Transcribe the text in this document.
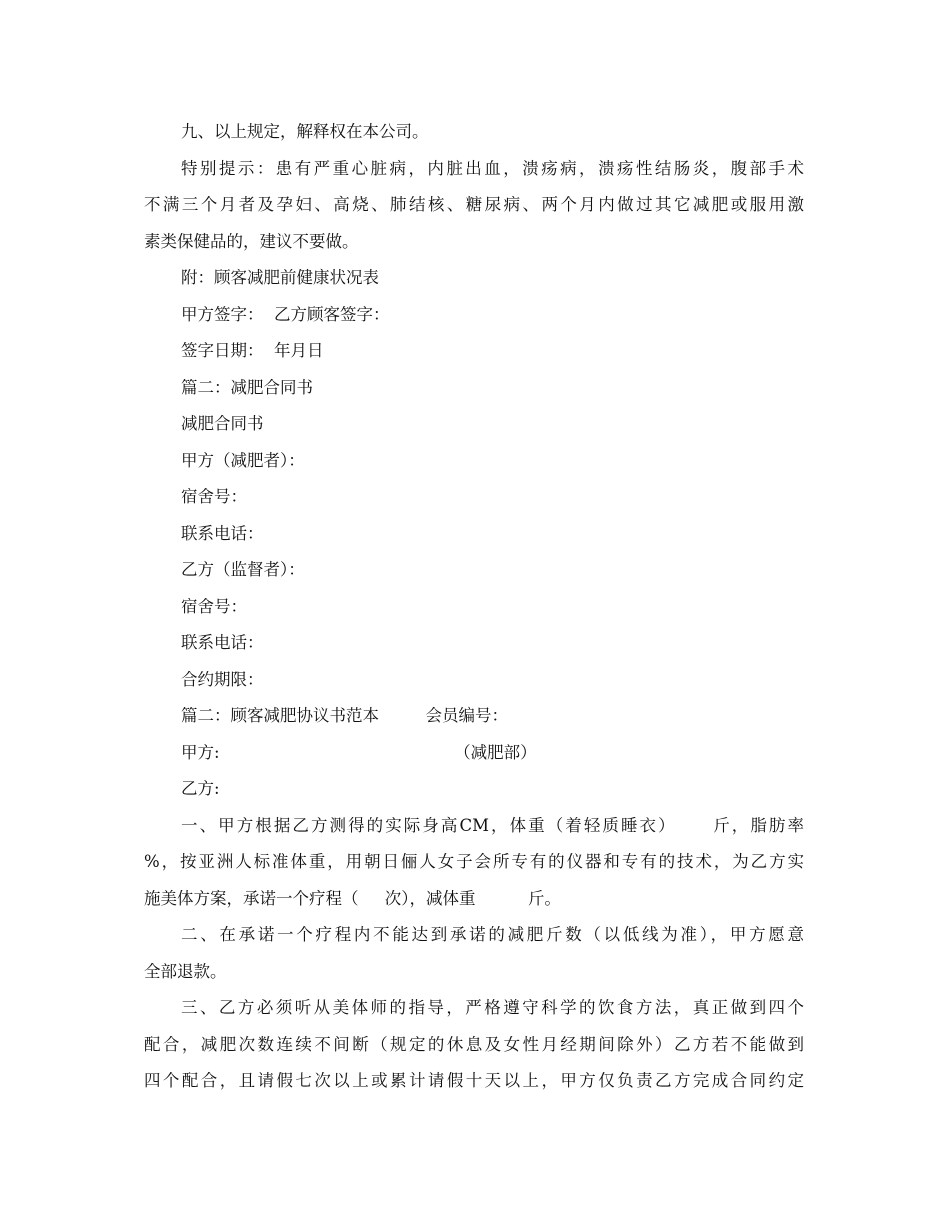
九、以上规定，解释权在本公司。
特别提示：患有严重心脏病，内脏出血，溃疡病，溃疡性结肠炎，腹部手术
不满三个月者及孕妇、高烧、肺结核、糖尿病、两个月内做过其它减肥或服用激
素类保健品的，建议不要做。
附：顾客减肥前健康状况表
甲方签字：  乙方顾客签字：
签字日期：  年月日
篇二：减肥合同书
减肥合同书
甲方（减肥者）：
宿舍号：
联系电话：
乙方（监督者）：
宿舍号：
联系电话：
合约期限：
篇二：顾客减肥协议书范本	会员编号：
甲方:	（减肥部）
乙方:
一、甲方根据乙方测得的实际身高CM，体重（着轻质睡衣）     斤，脂肪率
%，按亚洲人标准体重，用朝日俪人女子会所专有的仪器和专有的技术，为乙方实
施美体方案，承诺一个疗程（     次），减体重          斤。
二、在承诺一个疗程内不能达到承诺的减肥斤数（以低线为准），甲方愿意
全部退款。
三、乙方必须听从美体师的指导，严格遵守科学的饮食方法，真正做到四个
配合，减肥次数连续不间断（规定的休息及女性月经期间除外）乙方若不能做到
四个配合，且请假七次以上或累计请假十天以上，甲方仅负责乙方完成合同约定
